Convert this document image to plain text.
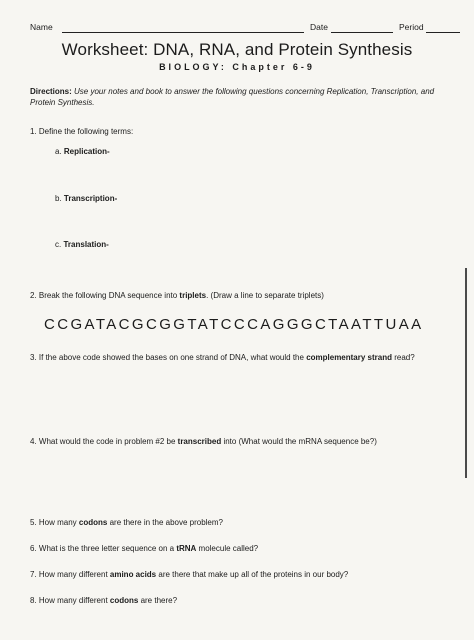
Name	Date	Period
Worksheet: DNA, RNA, and Protein Synthesis
BIOLOGY: Chapter 6-9
Directions: Use your notes and book to answer the following questions concerning Replication, Transcription, and Protein Synthesis.
1. Define the following terms:
a. Replication-
b. Transcription-
c. Translation-
2. Break the following DNA sequence into triplets. (Draw a line to separate triplets)
CCGATACGCGGTATCCCAGGGCTAATTUAA
3. If the above code showed the bases on one strand of DNA, what would the complementary strand read?
4. What would the code in problem #2 be transcribed into (What would the mRNA sequence be?)
5. How many codons are there in the above problem?
6. What is the three letter sequence on a tRNA molecule called?
7. How many different amino acids are there that make up all of the proteins in our body?
8. How many different codons are there?
